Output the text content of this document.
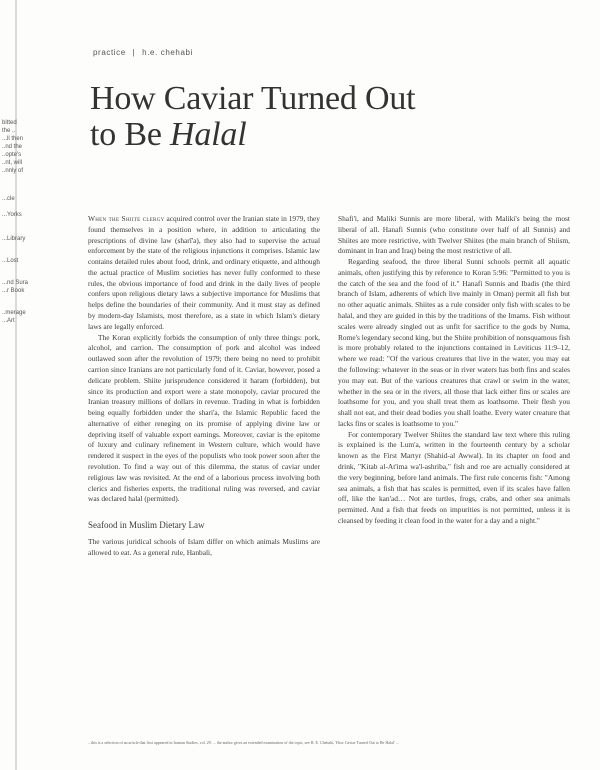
bitted
the ..
...ll then
..nd the
..opte's
..nt, will
..nnly of
...cle
...Yorks
...Library
...Lost
...nd Sura
...r Book
..merage
...Art
practice | h.e. chehabi
How Caviar Turned Out
to Be Halal

When the Shiite clergy acquired control over the Iranian state in 1979, they found themselves in a position where, in addition to articulating the prescriptions of divine law (sharī'a), they also had to supervise the actual enforcement by the state of the religious injunctions it comprises. Islamic law contains detailed rules about food, drink, and ordinary etiquette, and although the actual practice of Muslim societies has never fully conformed to these rules, the obvious importance of food and drink in the daily lives of people confers upon religious dietary laws a subjective importance for Muslims that helps define the boundaries of their community. And it must stay as defined by modern-day Islamists, most therefore, as a state in which Islam's dietary laws are legally enforced.

The Koran explicitly forbids the consumption of only three things: pork, alcohol, and carrion. The consumption of pork and alcohol was indeed outlawed soon after the revolution of 1979; there being no need to prohibit carrion since Iranians are not particularly fond of it. Caviar, however, posed a delicate problem. Shiite jurisprudence considered it haram (forbidden), but since its production and export were a state monopoly, caviar procured the Iranian treasury millions of dollars in revenue. Trading in what is forbidden being equally forbidden under the shari'a, the Islamic Republic faced the alternative of either reneging on its promise of applying divine law or depriving itself of valuable export earnings. Moreover, caviar is the epitome of luxury and culinary refinement in Western culture, which would have rendered it suspect in the eyes of the populists who took power soon after the revolution. To find a way out of this dilemma, the status of caviar under religious law was revisited. At the end of a laborious process involving both clerics and fisheries experts, the traditional ruling was reversed, and caviar was declared halal (permitted).

Seafood in Muslim Dietary Law

The various juridical schools of Islam differ on which animals Muslims are allowed to eat. As a general rule, Hanbali,

Shafi'i, and Maliki Sunnis are more liberal, with Maliki's being the most liberal of all. Hanafi Sunnis (who constitute over half of all Sunnis) and Shiites are more restrictive, with Twelver Shiites (the main branch of Shiism, dominant in Iran and Iraq) being the most restrictive of all.

Regarding seafood, the three liberal Sunni schools permit all aquatic animals, often justifying this by reference to Koran 5:96: "Permitted to you is the catch of the sea and the food of it." Hanafi Sunnis and Ibadis (the third branch of Islam, adherents of which live mainly in Oman) permit all fish but no other aquatic animals. Shiites as a rule consider only fish with scales to be halal, and they are guided in this by the traditions of the Imams. Fish without scales were already singled out as unfit for sacrifice to the gods by Numa, Rome's legendary second king, but the Shiite prohibition of nonsquamous fish is more probably related to the injunctions contained in Leviticus 11:9–12, where we read: "Of the various creatures that live in the water, you may eat the following: whatever in the seas or in river waters has both fins and scales you may eat. But of the various creatures that crawl or swim in the water, whether in the sea or in the rivers, all those that lack either fins or scales are loathsome for you, and you shall treat them as loathsome. Their flesh you shall not eat, and their dead bodies you shall loathe. Every water creature that lacks fins or scales is loathsome to you."

For contemporary Twelver Shiites the standard law text where this ruling is explained is the Lum'a, written in the fourteenth century by a scholar known as the First Martyr (Shahid-al Awwal). In its chapter on food and drink, "Kitab al-At'ima wa'l-ashriba," fish and roe are actually considered at the very beginning, before land animals. The first rule concerns fish: "Among sea animals, a fish that has scales is permitted, even if its scales have fallen off, like the kan'ad… Not are turtles, frogs, crabs, and other sea animals permitted. And a fish that feeds on impurities is not permitted, unless it is cleansed by feeding it clean food in the water for a day and a night."

...this is a selection of an article that first appeared in Iranian Studies, vol. 29. ... the author gives an extended examination of the topic, see H. E. Chehabi, 'How Caviar Turned Out to Be Halal' ...
